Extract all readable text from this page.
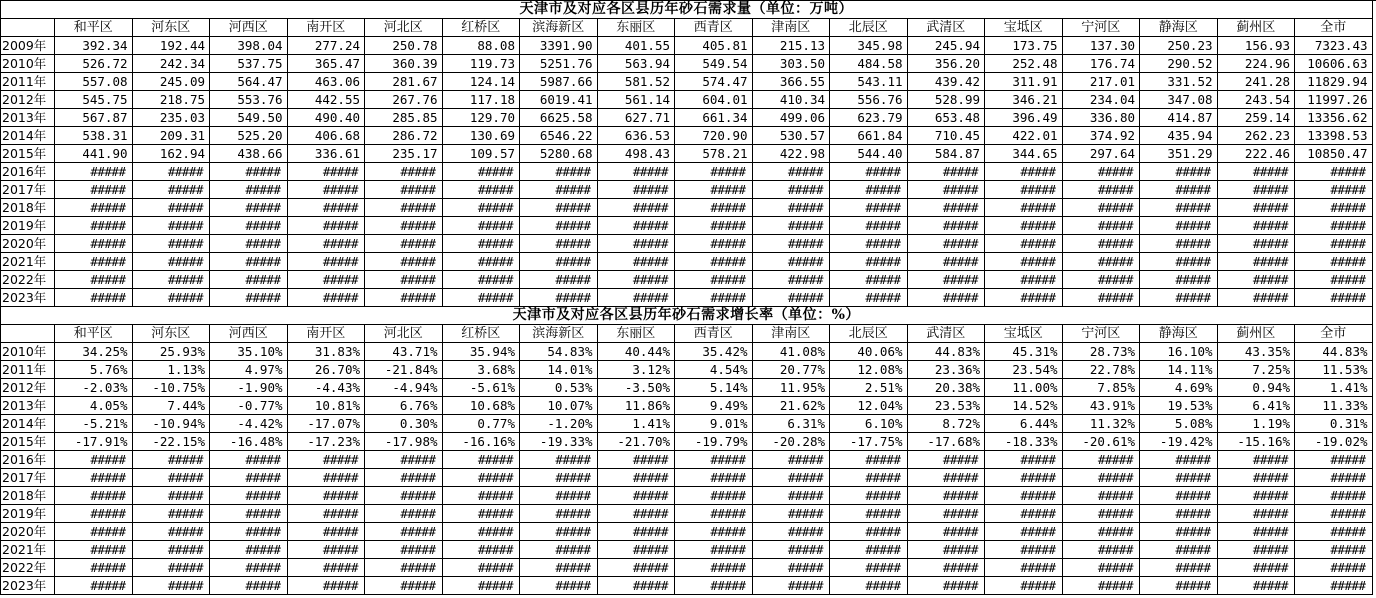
天津市及对应各区县历年砂石需求量（单位：万吨）
和平区	河东区	河西区	南开区	河北区	红桥区	滨海新区	东丽区	西青区	津南区	北辰区	武清区	宝坻区	宁河区	静海区	蓟州区	全市
2009年	392.34	192.44	398.04	277.24	250.78	88.08	3391.90	401.55	405.81	215.13	345.98	245.94	173.75	137.30	250.23	156.93	7323.43
2010年	526.72	242.34	537.75	365.47	360.39	119.73	5251.76	563.94	549.54	303.50	484.58	356.20	252.48	176.74	290.52	224.96	10606.63
2011年	557.08	245.09	564.47	463.06	281.67	124.14	5987.66	581.52	574.47	366.55	543.11	439.42	311.91	217.01	331.52	241.28	11829.94
2012年	545.75	218.75	553.76	442.55	267.76	117.18	6019.41	561.14	604.01	410.34	556.76	528.99	346.21	234.04	347.08	243.54	11997.26
2013年	567.87	235.03	549.50	490.40	285.85	129.70	6625.58	627.71	661.34	499.06	623.79	653.48	396.49	336.80	414.87	259.14	13356.62
2014年	538.31	209.31	525.20	406.68	286.72	130.69	6546.22	636.53	720.90	530.57	661.84	710.45	422.01	374.92	435.94	262.23	13398.53
2015年	441.90	162.94	438.66	336.61	235.17	109.57	5280.68	498.43	578.21	422.98	544.40	584.87	344.65	297.64	351.29	222.46	10850.47
2016年	#####	#####	#####	#####	#####	#####	#####	#####	#####	#####	#####	#####	#####	#####	#####	#####	#####
2017年	#####	#####	#####	#####	#####	#####	#####	#####	#####	#####	#####	#####	#####	#####	#####	#####	#####
2018年	#####	#####	#####	#####	#####	#####	#####	#####	#####	#####	#####	#####	#####	#####	#####	#####	#####
2019年	#####	#####	#####	#####	#####	#####	#####	#####	#####	#####	#####	#####	#####	#####	#####	#####	#####
2020年	#####	#####	#####	#####	#####	#####	#####	#####	#####	#####	#####	#####	#####	#####	#####	#####	#####
2021年	#####	#####	#####	#####	#####	#####	#####	#####	#####	#####	#####	#####	#####	#####	#####	#####	#####
2022年	#####	#####	#####	#####	#####	#####	#####	#####	#####	#####	#####	#####	#####	#####	#####	#####	#####
2023年	#####	#####	#####	#####	#####	#####	#####	#####	#####	#####	#####	#####	#####	#####	#####	#####	#####
天津市及对应各区县历年砂石需求增长率（单位：%）
和平区	河东区	河西区	南开区	河北区	红桥区	滨海新区	东丽区	西青区	津南区	北辰区	武清区	宝坻区	宁河区	静海区	蓟州区	全市
2010年	34.25%	25.93%	35.10%	31.83%	43.71%	35.94%	54.83%	40.44%	35.42%	41.08%	40.06%	44.83%	45.31%	28.73%	16.10%	43.35%	44.83%
2011年	5.76%	1.13%	4.97%	26.70%	-21.84%	3.68%	14.01%	3.12%	4.54%	20.77%	12.08%	23.36%	23.54%	22.78%	14.11%	7.25%	11.53%
2012年	-2.03%	-10.75%	-1.90%	-4.43%	-4.94%	-5.61%	0.53%	-3.50%	5.14%	11.95%	2.51%	20.38%	11.00%	7.85%	4.69%	0.94%	1.41%
2013年	4.05%	7.44%	-0.77%	10.81%	6.76%	10.68%	10.07%	11.86%	9.49%	21.62%	12.04%	23.53%	14.52%	43.91%	19.53%	6.41%	11.33%
2014年	-5.21%	-10.94%	-4.42%	-17.07%	0.30%	0.77%	-1.20%	1.41%	9.01%	6.31%	6.10%	8.72%	6.44%	11.32%	5.08%	1.19%	0.31%
2015年	-17.91%	-22.15%	-16.48%	-17.23%	-17.98%	-16.16%	-19.33%	-21.70%	-19.79%	-20.28%	-17.75%	-17.68%	-18.33%	-20.61%	-19.42%	-15.16%	-19.02%
2016年	#####	#####	#####	#####	#####	#####	#####	#####	#####	#####	#####	#####	#####	#####	#####	#####	#####
2017年	#####	#####	#####	#####	#####	#####	#####	#####	#####	#####	#####	#####	#####	#####	#####	#####	#####
2018年	#####	#####	#####	#####	#####	#####	#####	#####	#####	#####	#####	#####	#####	#####	#####	#####	#####
2019年	#####	#####	#####	#####	#####	#####	#####	#####	#####	#####	#####	#####	#####	#####	#####	#####	#####
2020年	#####	#####	#####	#####	#####	#####	#####	#####	#####	#####	#####	#####	#####	#####	#####	#####	#####
2021年	#####	#####	#####	#####	#####	#####	#####	#####	#####	#####	#####	#####	#####	#####	#####	#####	#####
2022年	#####	#####	#####	#####	#####	#####	#####	#####	#####	#####	#####	#####	#####	#####	#####	#####	#####
2023年	#####	#####	#####	#####	#####	#####	#####	#####	#####	#####	#####	#####	#####	#####	#####	#####	#####
